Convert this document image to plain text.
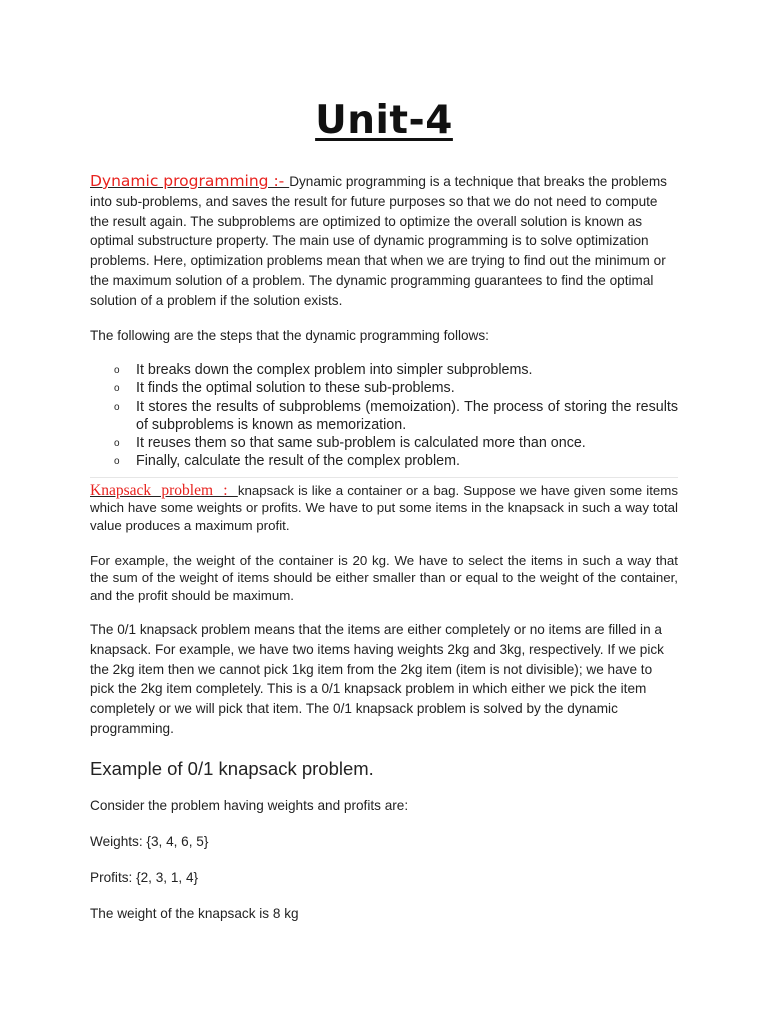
Unit-4

Dynamic programming :- Dynamic programming is a technique that breaks the problems into sub-problems, and saves the result for future purposes so that we do not need to compute the result again. The subproblems are optimized to optimize the overall solution is known as optimal substructure property. The main use of dynamic programming is to solve optimization problems. Here, optimization problems mean that when we are trying to find out the minimum or the maximum solution of a problem. The dynamic programming guarantees to find the optimal solution of a problem if the solution exists.

The following are the steps that the dynamic programming follows:

o It breaks down the complex problem into simpler subproblems.
o It finds the optimal solution to these sub-problems.
o It stores the results of subproblems (memoization). The process of storing the results of subproblems is known as memorization.
o It reuses them so that same sub-problem is calculated more than once.
o Finally, calculate the result of the complex problem.

Knapsack problem : knapsack is like a container or a bag. Suppose we have given some items which have some weights or profits. We have to put some items in the knapsack in such a way total value produces a maximum profit.

For example, the weight of the container is 20 kg. We have to select the items in such a way that the sum of the weight of items should be either smaller than or equal to the weight of the container, and the profit should be maximum.

The 0/1 knapsack problem means that the items are either completely or no items are filled in a knapsack. For example, we have two items having weights 2kg and 3kg, respectively. If we pick the 2kg item then we cannot pick 1kg item from the 2kg item (item is not divisible); we have to pick the 2kg item completely. This is a 0/1 knapsack problem in which either we pick the item completely or we will pick that item. The 0/1 knapsack problem is solved by the dynamic programming.

Example of 0/1 knapsack problem.

Consider the problem having weights and profits are:

Weights: {3, 4, 6, 5}

Profits: {2, 3, 1, 4}

The weight of the knapsack is 8 kg
